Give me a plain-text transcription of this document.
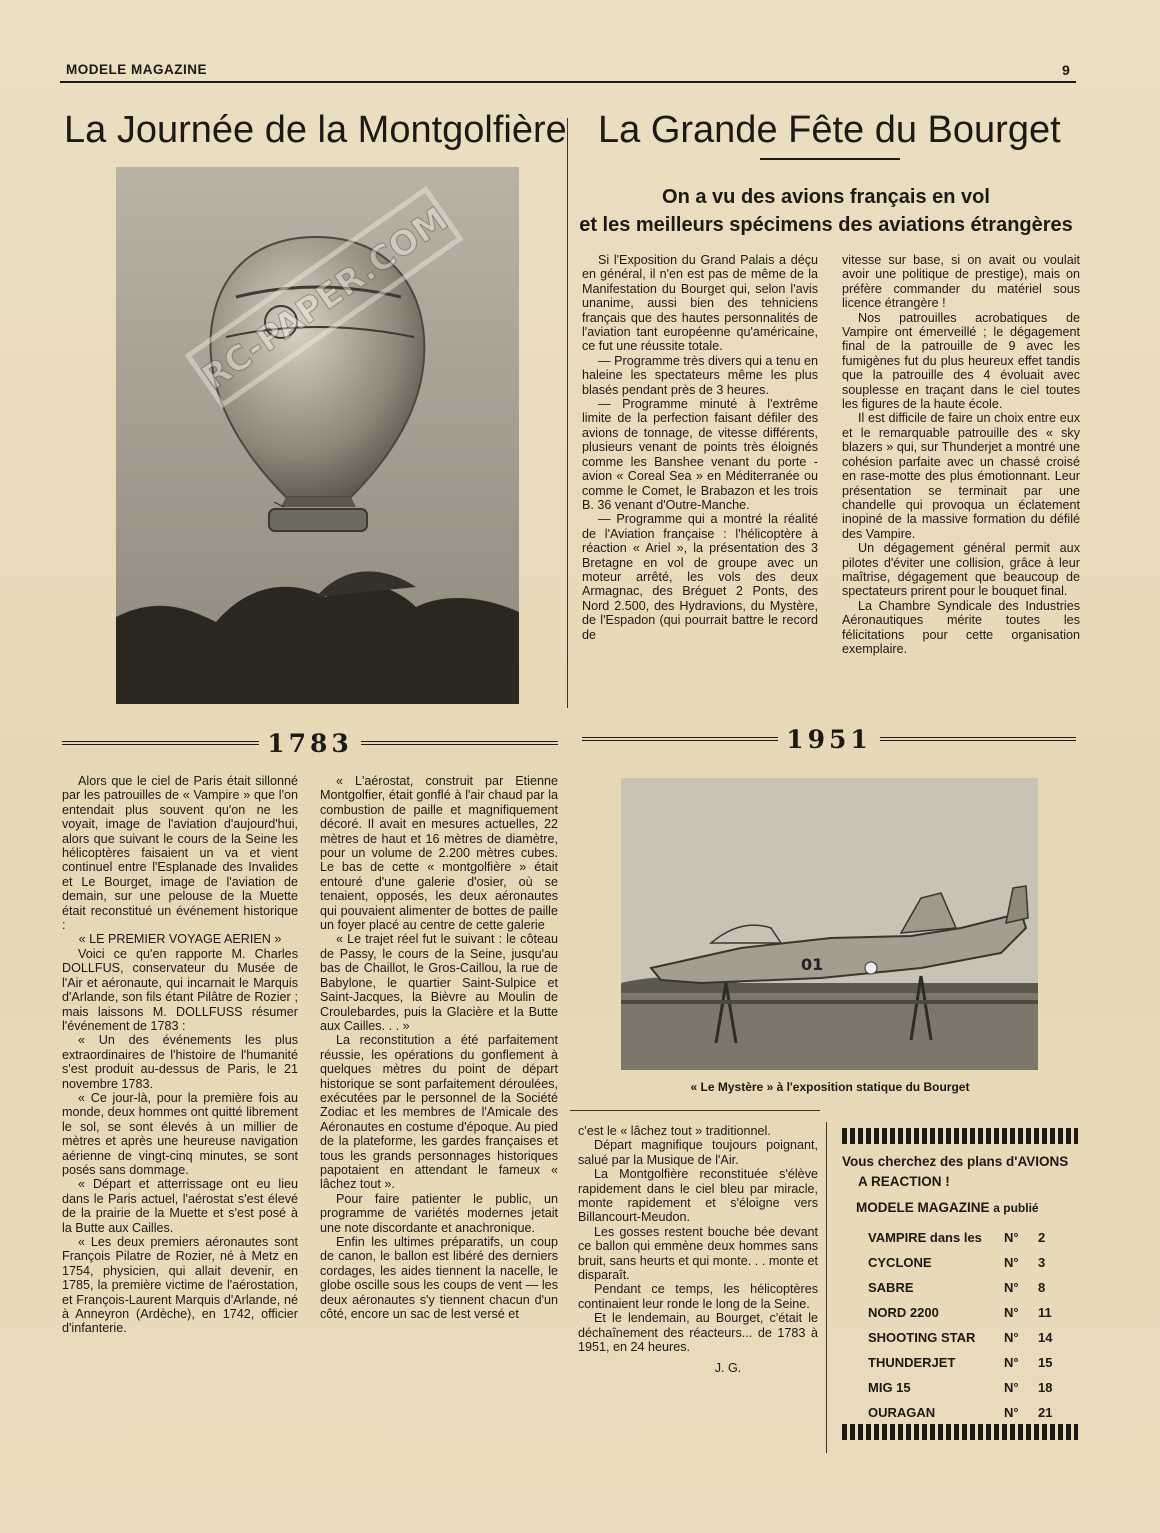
MODELE MAGAZINE	9
La Journée de la Montgolfière La Grande Fête du Bourget
On a vu des avions français en vol
et les meilleurs spécimens des aviations étrangères
RC-PAPER.COM
1783	1951

Si l'Exposition du Grand Palais a déçu en général, il n'en est pas de même de la Manifestation du Bourget qui, selon l'avis unanime, aussi bien des tehniciens français que des hautes personnalités de l'aviation tant européenne qu'américaine, ce fut une réussite totale.

— Programme très divers qui a tenu en haleine les spectateurs même les plus blasés pendant près de 3 heures.

— Programme minuté à l'extrême limite de la perfection faisant défiler des avions de tonnage, de vitesse différents, plusieurs venant de points très éloignés comme les Banshee venant du porte - avion « Coreal Sea » en Méditerranée ou comme le Comet, le Brabazon et les trois B. 36 venant d'Outre-Manche.

— Programme qui a montré la réalité de l'Aviation française : l'hélicoptère à réaction « Ariel », la présentation des 3 Bretagne en vol de groupe avec un moteur arrêté, les vols des deux Armagnac, des Bréguet 2 Ponts, des Nord 2.500, des Hydravions, du Mystère, de l'Espadon (qui pourrait battre le record de

vitesse sur base, si on avait ou voulait avoir une politique de prestige), mais on préfère commander du matériel sous licence étrangère !

Nos patrouilles acrobatiques de Vampire ont émerveillé ; le dégagement final de la patrouille de 9 avec les fumigènes fut du plus heureux effet tandis que la patrouille des 4 évoluait avec souplesse en traçant dans le ciel toutes les figures de la haute école.

Il est difficile de faire un choix entre eux et le remarquable patrouille des « sky blazers » qui, sur Thunderjet a montré une cohésion parfaite avec un chassé croisé en rase-motte des plus émotionnant. Leur présentation se terminait par une chandelle qui provoqua un éclatement inopiné de la massive formation du défilé des Vampire.

Un dégagement général permit aux pilotes d'éviter une collision, grâce à leur maîtrise, dégagement que beaucoup de spectateurs prirent pour le bouquet final.

La Chambre Syndicale des Industries Aéronautiques mérite toutes les félicitations pour cette organisation exemplaire.

Alors que le ciel de Paris était sillonné par les patrouilles de « Vampire » que l'on entendait plus souvent qu'on ne les voyait, image de l'aviation d'aujourd'hui, alors que suivant le cours de la Seine les hélicoptères faisaient un va et vient continuel entre l'Esplanade des Invalides et Le Bourget, image de l'aviation de demain, sur une pelouse de la Muette était reconstitué un événement historique :

« LE PREMIER VOYAGE AERIEN »

Voici ce qu'en rapporte M. Charles DOLLFUS, conservateur du Musée de l'Air et aéronaute, qui incarnait le Marquis d'Arlande, son fils étant Pilâtre de Rozier ; mais laissons M. DOLLFUSS résumer l'événement de 1783 :

« Un des événements les plus extraordinaires de l'histoire de l'humanité s'est produit au-dessus de Paris, le 21 novembre 1783.

« Ce jour-là, pour la première fois au monde, deux hommes ont quitté librement le sol, se sont élevés à un millier de mètres et après une heureuse navigation aérienne de vingt-cinq minutes, se sont posés sans dommage.

« Départ et atterrissage ont eu lieu dans le Paris actuel, l'aérostat s'est élevé de la prairie de la Muette et s'est posé à la Butte aux Cailles.

« Les deux premiers aéronautes sont François Pilatre de Rozier, né à Metz en 1754, physicien, qui allait devenir, en 1785, la première victime de l'aérostation, et François-Laurent Marquis d'Arlande, né à Anneyron (Ardèche), en 1742, officier d'infanterie.

« L'aérostat, construit par Etienne Montgolfier, était gonflé à l'air chaud par la combustion de paille et magnifiquement décoré. Il avait en mesures actuelles, 22 mètres de haut et 16 mètres de diamètre, pour un volume de 2.200 mètres cubes. Le bas de cette « montgolfière » était entouré d'une galerie d'osier, où se tenaient, opposés, les deux aéronautes qui pouvaient alimenter de bottes de paille un foyer placé au centre de cette galerie

« Le trajet réel fut le suivant : le côteau de Passy, le cours de la Seine, jusqu'au bas de Chaillot, le Gros-Caillou, la rue de Babylone, le quartier Saint-Sulpice et Saint-Jacques, la Bièvre au Moulin de Croulebardes, puis la Glacière et la Butte aux Cailles. . . »

La reconstitution a été parfaitement réussie, les opérations du gonflement à quelques mètres du point de départ historique se sont parfaitement déroulées, exécutées par le personnel de la Société Zodiac et les membres de l'Amicale des Aéronautes en costume d'époque. Au pied de la plateforme, les gardes françaises et tous les grands personnages historiques papotaient en attendant le fameux « lâchez tout ».

Pour faire patienter le public, un programme de variétés modernes jetait une note discordante et anachronique.

Enfin les ultimes préparatifs, un coup de canon, le ballon est libéré des derniers cordages, les aides tiennent la nacelle, le globe oscille sous les coups de vent — les deux aéronautes s'y tiennent chacun d'un côté, encore un sac de lest versé et

c'est le « lâchez tout » traditionnel.

Départ magnifique toujours poignant, salué par la Musique de l'Air.

La Montgolfière reconstituée s'élève rapidement dans le ciel bleu par miracle, monte rapidement et s'éloigne vers Billancourt-Meudon.

Les gosses restent bouche bée devant ce ballon qui emmène deux hommes sans bruit, sans heurts et qui monte. . . monte et disparaît.

Pendant ce temps, les hélicoptères continaient leur ronde le long de la Seine.

Et le lendemain, au Bourget, c'était le déchaînement des réacteurs... de 1783 à 1951, en 24 heures.

J. G.

01
« Le Mystère » à l'exposition statique du Bourget
Vous cherchez des plans d'AVIONS
A REACTION !
MODELE MAGAZINE a publié
VAMPIRE dans les	N°	2
CYCLONE	N°	3
SABRE	N°	8
NORD 2200	N°	11
SHOOTING STAR	N°	14
THUNDERJET	N°	15
MIG 15	N°	18
OURAGAN	N°	21
